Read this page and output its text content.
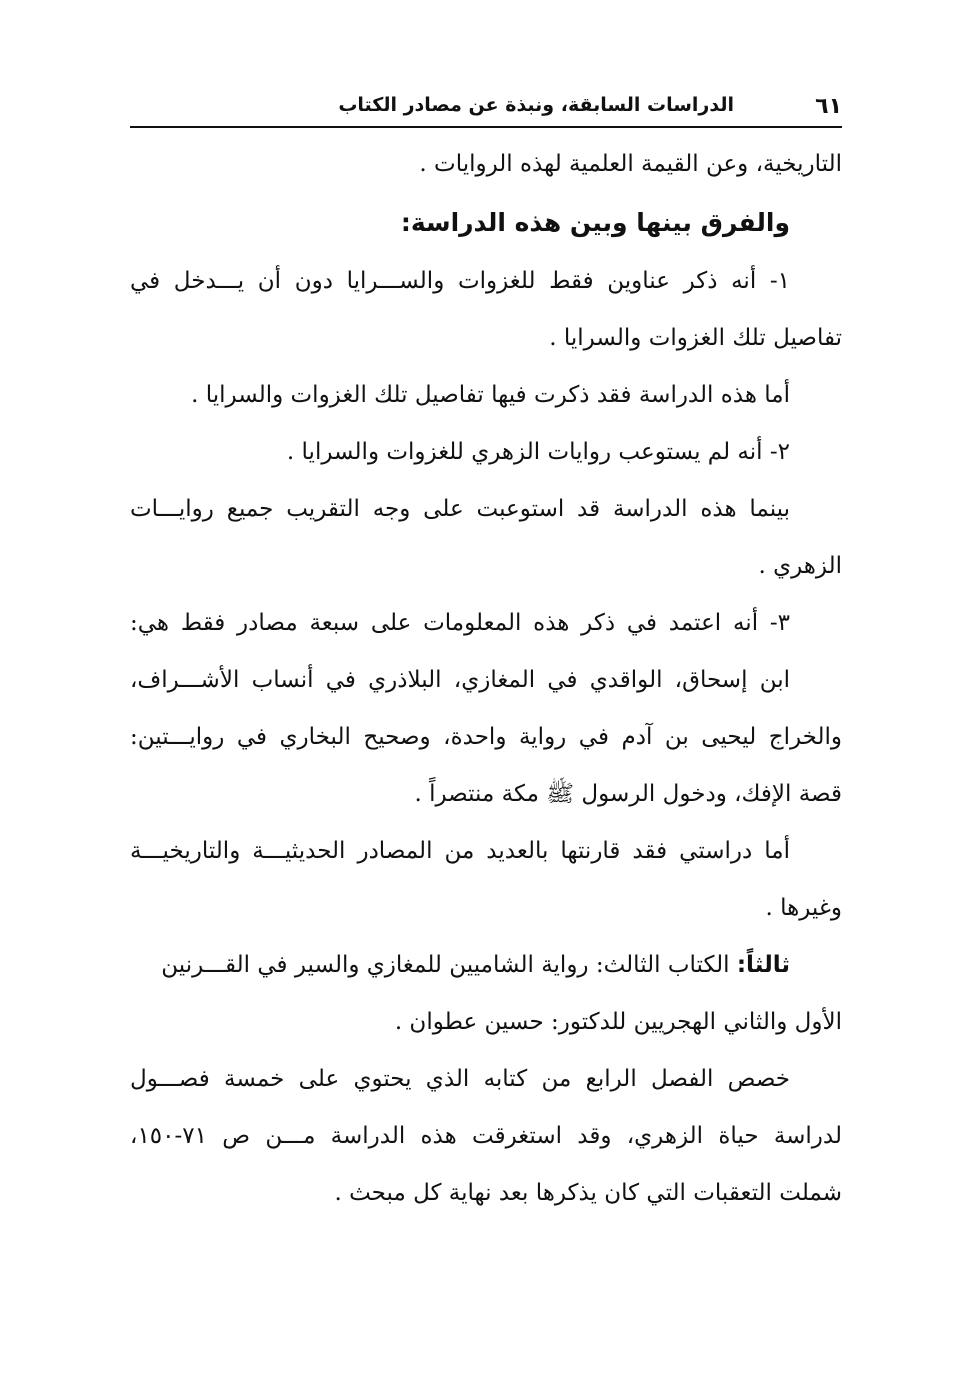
٦١
الدراسات السابقة، ونبذة عن مصادر الكتاب
التاريخية، وعن القيمة العلمية لهذه الروايات .
والفرق بينها وبين هذه الدراسة:
١- أنه ذكر عناوين فقط للغزوات والســـرايا دون أن يـــدخل في
تفاصيل تلك الغزوات والسرايا .
أما هذه الدراسة فقد ذكرت فيها تفاصيل تلك الغزوات والسرايا .
٢- أنه لم يستوعب روايات الزهري للغزوات والسرايا .
بينما هذه الدراسة قد استوعبت على وجه التقريب جميع روايـــات
الزهري .
٣- أنه اعتمد في ذكر هذه المعلومات على سبعة مصادر فقط هي:
ابن إسحاق، الواقدي في المغازي، البلاذري في أنساب الأشـــراف،
والخراج ليحيى بن آدم في رواية واحدة، وصحيح البخاري في روايـــتين:
قصة الإفك، ودخول الرسول ﷺ مكة منتصراً .
أما دراستي فقد قارنتها بالعديد من المصادر الحديثيـــة والتاريخيـــة
وغيرها .
ثالثاً: الكتاب الثالث: رواية الشاميين للمغازي والسير في القـــرنين
الأول والثاني الهجريين للدكتور: حسين عطوان .
خصص الفصل الرابع من كتابه الذي يحتوي على خمسة فصـــول
لدراسة حياة الزهري، وقد استغرقت هذه الدراسة مـــن ص ٧١-١٥٠،
شملت التعقبات التي كان يذكرها بعد نهاية كل مبحث .
